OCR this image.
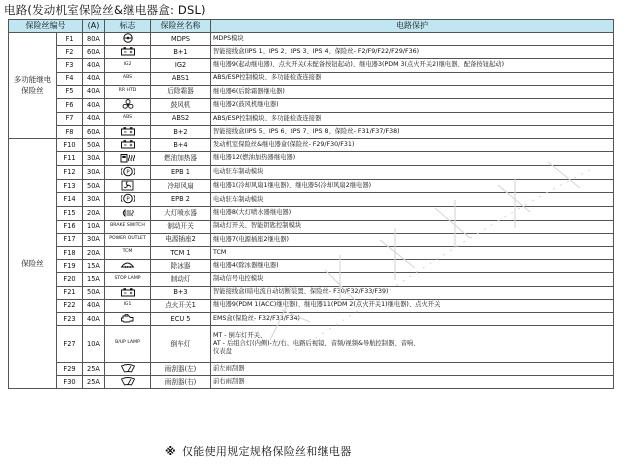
电路(发动机室保险丝&继电器盒: DSL)
保险丝编号		(A)	标志	保险丝名称	电路保护
多功能继电保险丝	F1	80A		MDPS	MDPS模块
	F2	60A		B+1	智能接线盒(IPS 1、IPS 2、IPS 3、IPS 4、保险丝- F2/F9/F22/F29/F36)
	F3	40A	IG2	IG2	继电器9(起动继电器)、点火开关(未配备按钮起动)、继电器3(PDM 3(点火开关2)继电器、配备按钮起动)
	F4	40A	ABS	ABS1	ABS/ESP控制模块、多功能检查连接器
	F5	40A	RR HTD	后除霜器	继电器6(后除霜器继电器)
	F6	40A		鼓风机	继电器2(鼓风机继电器)
	F7	40A	ABS	ABS2	ABS/ESP控制模块、多功能检查连接器
	F8	60A		B+2	智能接线盒(IPS 5、IPS 6、IPS 7、IPS 8、保险丝- F31/F37/F38)
保险丝	F10	50A		B+4	发动机室保险丝&继电器盒(保险丝- F29/F30/F31)
	F11	30A		燃油加热器	继电器12(燃油加热器继电器)
	F12	30A	P	EPB 1	电动驻车制动模块
	F13	50A		冷却风扇	继电器1(冷却风扇1继电器)、继电器5(冷却风扇2继电器)
	F14	30A	P	EPB 2	电动驻车制动模块
	F15	20A		大灯喷水器	继电器8(大灯喷水器继电器)
	F16	10A	BRAKE SWITCH	制动开关	制动灯开关、智能钥匙控制模块
	F17	30A	POWER OUTLET	电源插座2	继电器7(电源插座2继电器)
	F18	20A	TCM	TCM 1	TCM
	F19	15A		除冰器	继电器4(除冰器继电器)
	F20	15A	STOP LAMP	制动灯	制动信号电控模块
	F21	50A		B+3	智能接线盒(暗电流自动切断装置、保险丝- F30/F32/F33/F39)
	F22	40A	IG1	点火开关1	继电器9(PDM 1(ACC)继电器)、继电器11(PDM 2(点火开关1)继电器)、点火开关
	F23	40A		ECU 5	EMS盒(保险丝- F32/F33/F34)
	F27	10A	B/UP LAMP	倒车灯	MT - 倒车灯开关、
AT - 后组合灯(内侧)-左/右、电路后视镜、音频/视频&导航控制器、音响、
仪表盘
	F29	25A		雨刮器(左)	前左雨刮器
	F30	25A		雨刮器(右)	前右雨刮器
※ 仅能使用规定规格保险丝和继电器
